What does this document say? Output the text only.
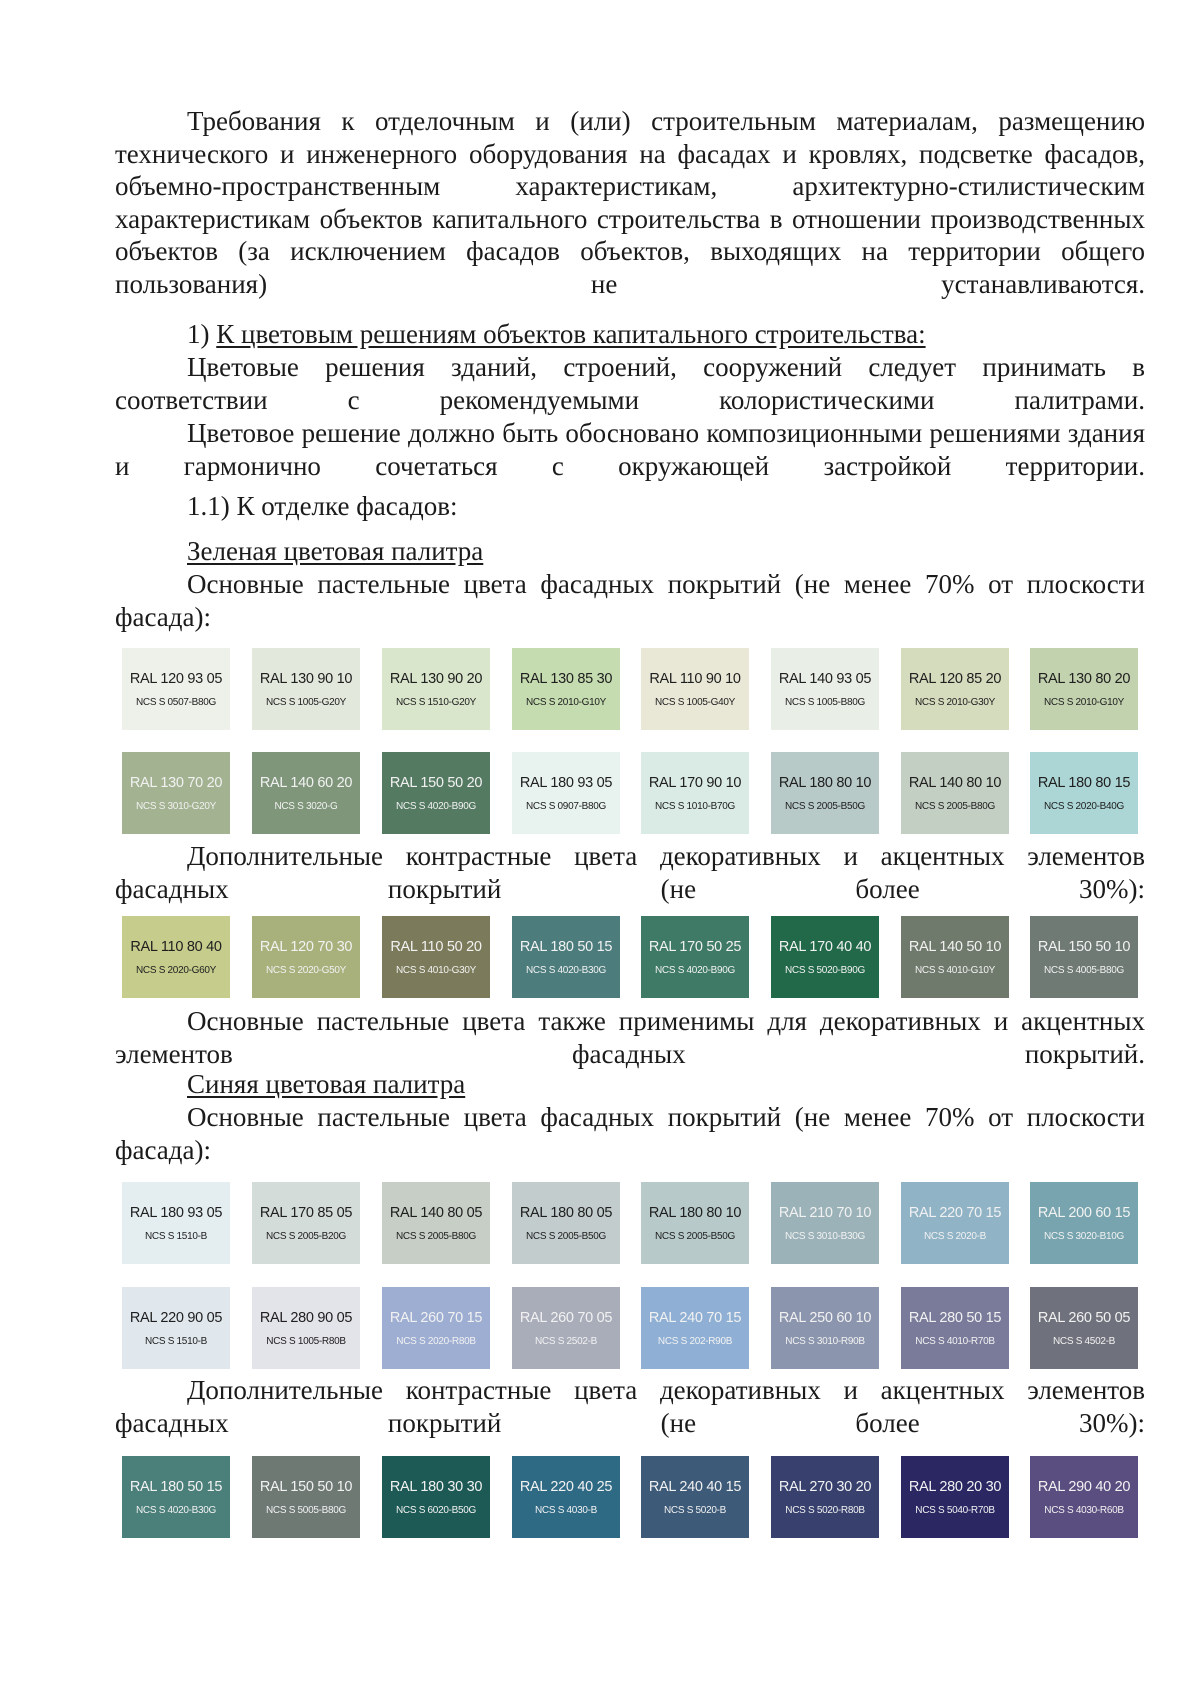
Требования к отделочным и (или) строительным материалам, размещению технического и инженерного оборудования на фасадах и кровлях, подсветке фасадов, объемно-пространственным характеристикам, архитектурно-стилистическим характеристикам объектов капитального строительства в отношении производственных объектов (за исключением фасадов объектов, выходящих на территории общего пользования) не устанавливаются.

1) К цветовым решениям объектов капитального строительства:

Цветовые решения зданий, строений, сооружений следует принимать в соответствии с рекомендуемыми колористическими палитрами.

Цветовое решение должно быть обосновано композиционными решениями здания и гармонично сочетаться с окружающей застройкой территории.

1.1) К отделке фасадов:

Зеленая цветовая палитра

Основные пастельные цвета фасадных покрытий (не менее 70% от плоскости фасада):

Дополнительные контрастные цвета декоративных и акцентных элементов фасадных покрытий (не более 30%):

Основные пастельные цвета также применимы для декоративных и акцентных элементов фасадных покрытий.

Синяя цветовая палитра

Основные пастельные цвета фасадных покрытий (не менее 70% от плоскости фасада):

Дополнительные контрастные цвета декоративных и акцентных элементов фасадных покрытий (не более 30%):

RAL 120 93 05
NCS S 0507-B80G
RAL 130 90 10
NCS S 1005-G20Y
RAL 130 90 20
NCS S 1510-G20Y
RAL 130 85 30
NCS S 2010-G10Y
RAL 110 90 10
NCS S 1005-G40Y
RAL 140 93 05
NCS S 1005-B80G
RAL 120 85 20
NCS S 2010-G30Y
RAL 130 80 20
NCS S 2010-G10Y
RAL 130 70 20
NCS S 3010-G20Y
RAL 140 60 20
NCS S 3020-G
RAL 150 50 20
NCS S 4020-B90G
RAL 180 93 05
NCS S 0907-B80G
RAL 170 90 10
NCS S 1010-B70G
RAL 180 80 10
NCS S 2005-B50G
RAL 140 80 10
NCS S 2005-B80G
RAL 180 80 15
NCS S 2020-B40G
RAL 110 80 40
NCS S 2020-G60Y
RAL 120 70 30
NCS S 2020-G50Y
RAL 110 50 20
NCS S 4010-G30Y
RAL 180 50 15
NCS S 4020-B30G
RAL 170 50 25
NCS S 4020-B90G
RAL 170 40 40
NCS S 5020-B90G
RAL 140 50 10
NCS S 4010-G10Y
RAL 150 50 10
NCS S 4005-B80G
RAL 180 93 05
NCS S 1510-B
RAL 170 85 05
NCS S 2005-B20G
RAL 140 80 05
NCS S 2005-B80G
RAL 180 80 05
NCS S 2005-B50G
RAL 180 80 10
NCS S 2005-B50G
RAL 210 70 10
NCS S 3010-B30G
RAL 220 70 15
NCS S 2020-B
RAL 200 60 15
NCS S 3020-B10G
RAL 220 90 05
NCS S 1510-B
RAL 280 90 05
NCS S 1005-R80B
RAL 260 70 15
NCS S 2020-R80B
RAL 260 70 05
NCS S 2502-B
RAL 240 70 15
NCS S 202-R90B
RAL 250 60 10
NCS S 3010-R90B
RAL 280 50 15
NCS S 4010-R70B
RAL 260 50 05
NCS S 4502-B
RAL 180 50 15
NCS S 4020-B30G
RAL 150 50 10
NCS S 5005-B80G
RAL 180 30 30
NCS S 6020-B50G
RAL 220 40 25
NCS S 4030-B
RAL 240 40 15
NCS S 5020-B
RAL 270 30 20
NCS S 5020-R80B
RAL 280 20 30
NCS S 5040-R70B
RAL 290 40 20
NCS S 4030-R60B
